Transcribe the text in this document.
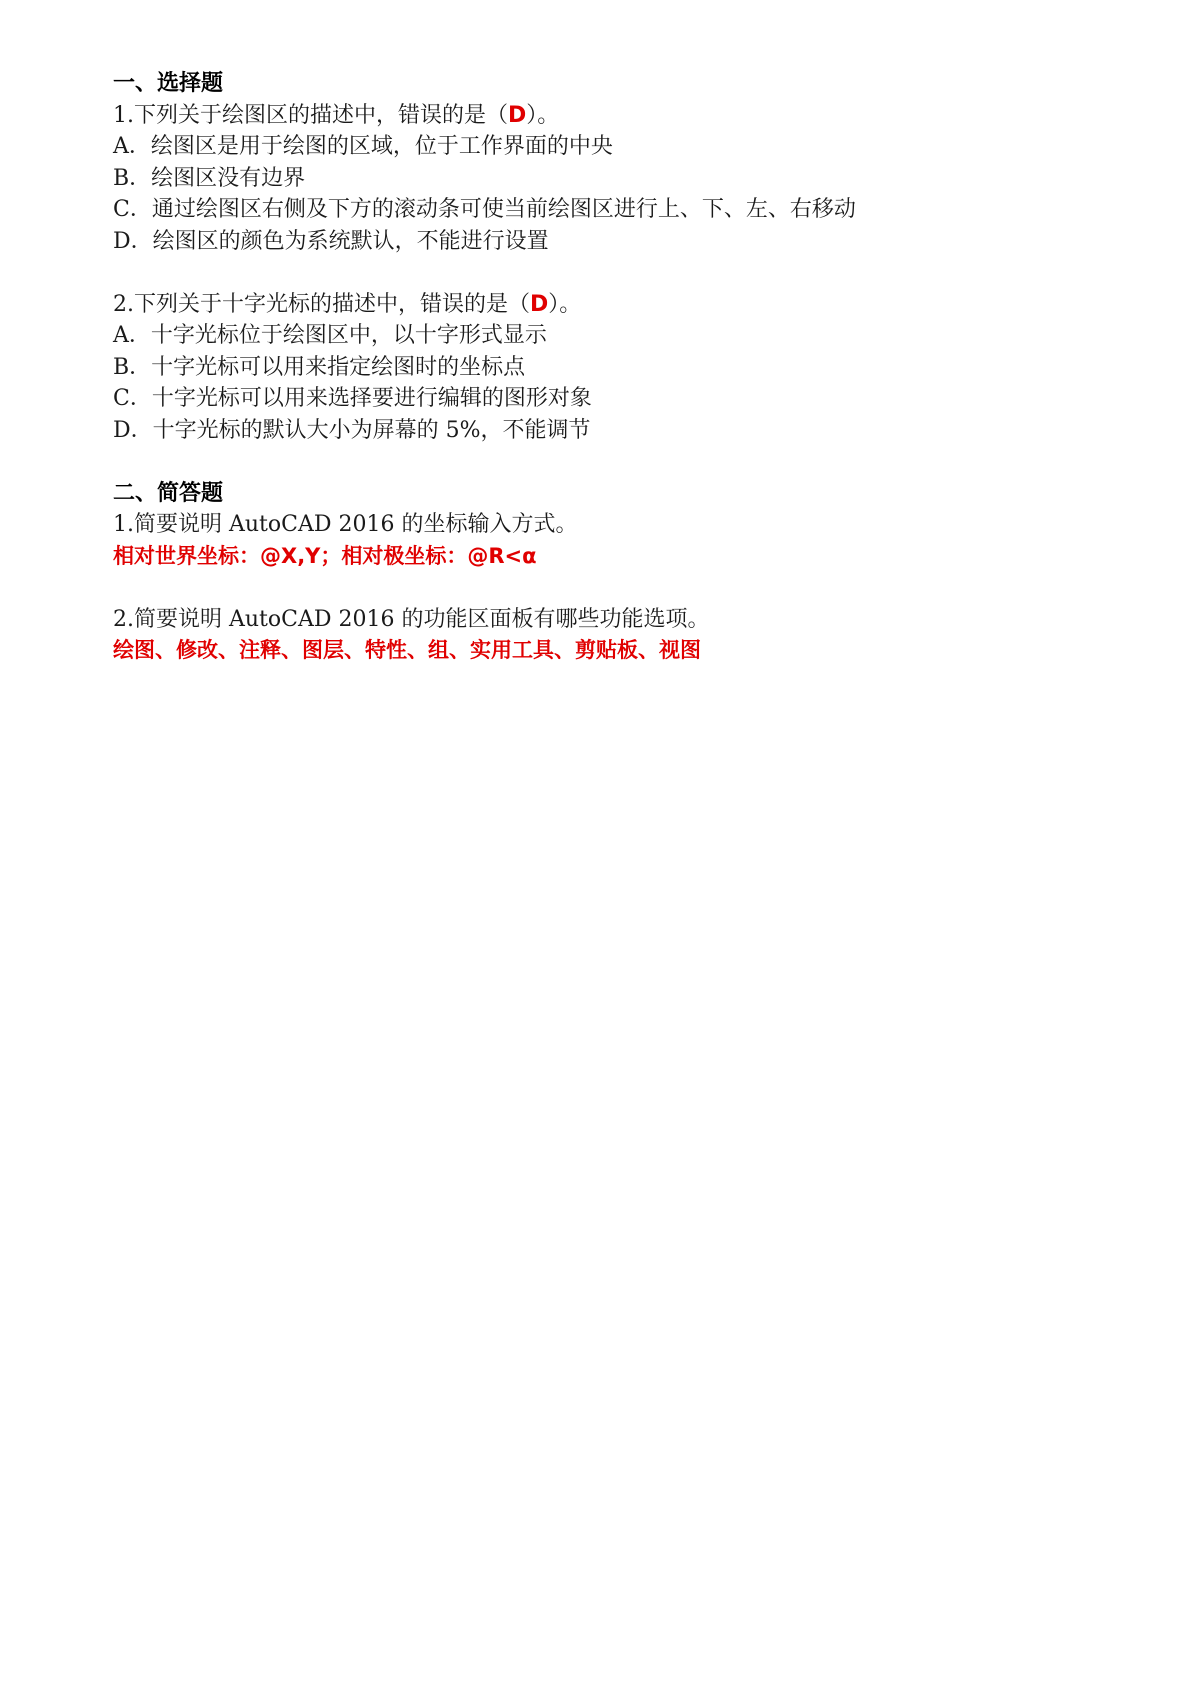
一、选择题
1.下列关于绘图区的描述中，错误的是（D）。
A．绘图区是用于绘图的区域，位于工作界面的中央
B．绘图区没有边界
C．通过绘图区右侧及下方的滚动条可使当前绘图区进行上、下、左、右移动
D．绘图区的颜色为系统默认，不能进行设置
2.下列关于十字光标的描述中，错误的是（D）。
A．十字光标位于绘图区中，以十字形式显示
B．十字光标可以用来指定绘图时的坐标点
C．十字光标可以用来选择要进行编辑的图形对象
D．十字光标的默认大小为屏幕的 5%，不能调节
二、简答题
1.简要说明 AutoCAD 2016 的坐标输入方式。
相对世界坐标：@X,Y；相对极坐标：@R<α
2.简要说明 AutoCAD 2016 的功能区面板有哪些功能选项。
绘图、修改、注释、图层、特性、组、实用工具、剪贴板、视图
